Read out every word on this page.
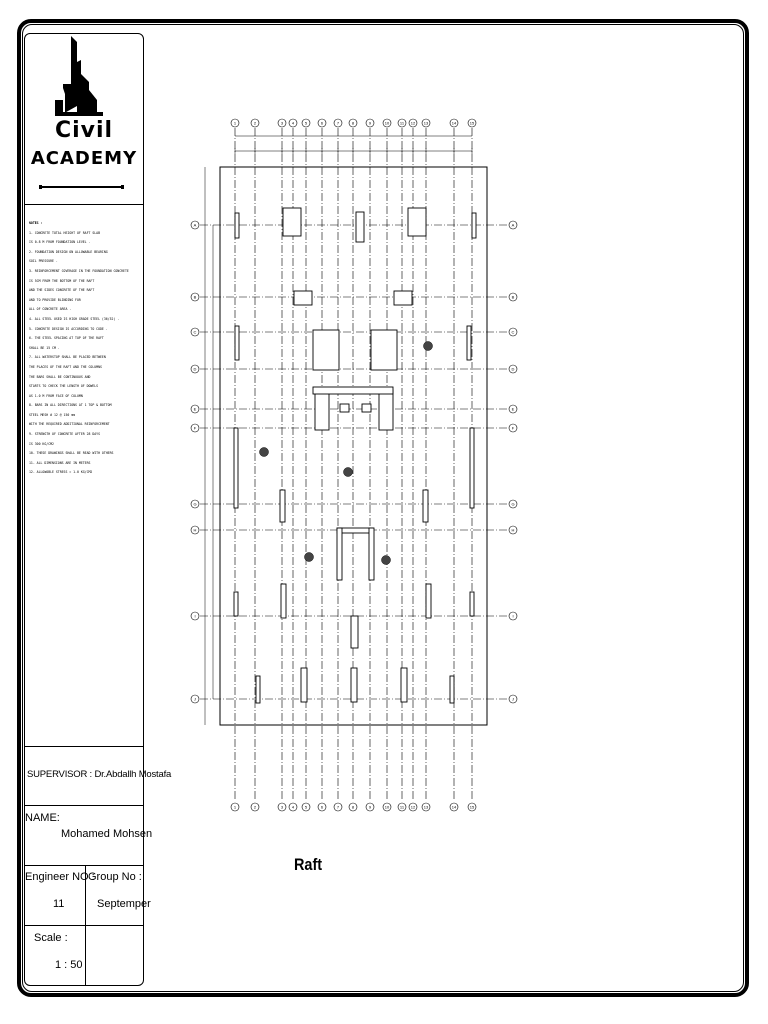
Civil
ACADEMY
NOTES :
1- CONCRETE TOTAL HEIGHT OF RAFT SLAB
IS 0.8 M FROM FOUNDATION LEVEL .
2- FOUNDATION DESIGN ON ALLOWABLE BEARING
SOIL PRESSURE .
3- REINFORCEMENT COVERAGE IN THE FOUNDATION CONCRETE
IS 5CM FROM THE BOTTOM OF THE RAFT
AND THE SIDES CONCRETE OF THE RAFT
AND TO PROVIDE BLINDING FOR
ALL OF CONCRETE AREA .
4- ALL STEEL USED IS HIGH GRADE STEEL (36/52) .
5- CONCRETE DESIGN IS ACCORDING TO CODE .
6- THE STEEL SPACING AT TOP OF THE RAFT
SHALL BE 15 CM .
7- ALL WATERSTOP SHALL BE PLACED BETWEEN
THE PLACES OF THE RAFT AND THE COLUMNS
THE BARS SHALL BE CONTINUOUS AND
STARTS TO CHECK THE LENGTH OF DOWELS
AS 1.0 M FROM FACE OF COLUMN
8- BARS IN ALL DIRECTIONS AT 1 TOP & BOTTOM
STEEL MESH # 12 @ 150 mm
WITH THE REQUIRED ADDITIONAL REINFORCEMENT
9- STRENGTH OF CONCRETE AFTER 28 DAYS
IS 300 KG/CM2
10- THESE DRAWINGS SHALL BE READ WITH OTHERS
11- ALL DIMENSIONS ARE IN METERS
12- ALLOWABLE STRESS = 1.0 KG/CM2
SUPERVISOR : Dr.Abdallh Mostafa
NAME:
Mohamed Mohsen
Engineer NO :
11
Group No :
Septemper
Scale :
1 : 50
1
1
2
2
3
3
4
4
5
5
6
6
7
7
8
8
9
9
10
10
11
11
12
12
13
13
14
14
15
15
A	A
B	B
C	C
D	D
E	E
F	F
G	G
H	H
I	I
J	J
Raft
